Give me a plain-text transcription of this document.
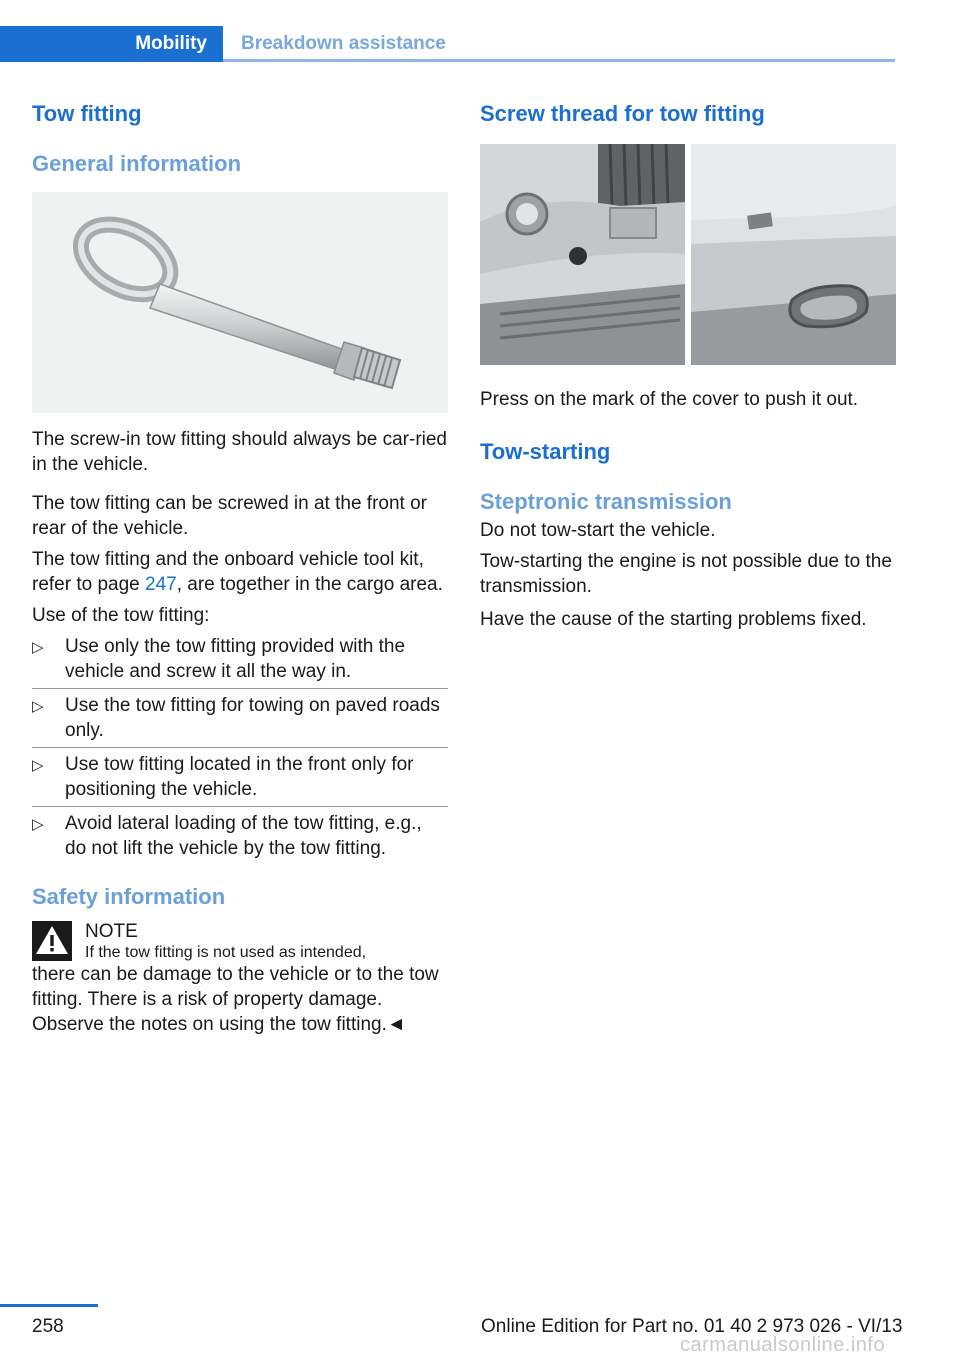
Mobility	Breakdown assistance
Tow fitting
General information

The screw-in tow fitting should always be car-ried in the vehicle.

The tow fitting can be screwed in at the front or rear of the vehicle.

The tow fitting and the onboard vehicle tool kit, refer to page 247, are together in the cargo area.

Use of the tow fitting:

▷ Use only the tow fitting provided with the vehicle and screw it all the way in.
▷ Use the tow fitting for towing on paved roads only.
▷ Use tow fitting located in the front only for positioning the vehicle.
▷ Avoid lateral loading of the tow fitting, e.g., do not lift the vehicle by the tow fitting.
Safety information
NOTE
If the tow fitting is not used as intended,

there can be damage to the vehicle or to the tow fitting. There is a risk of property damage. Observe the notes on using the tow fitting.◄

Screw thread for tow fitting

Press on the mark of the cover to push it out.

Tow-starting
Steptronic transmission

Do not tow-start the vehicle.

Tow-starting the engine is not possible due to the transmission.

Have the cause of the starting problems fixed.

258	Online Edition for Part no. 01 40 2 973 026 - VI/13
carmanualsonline.info
